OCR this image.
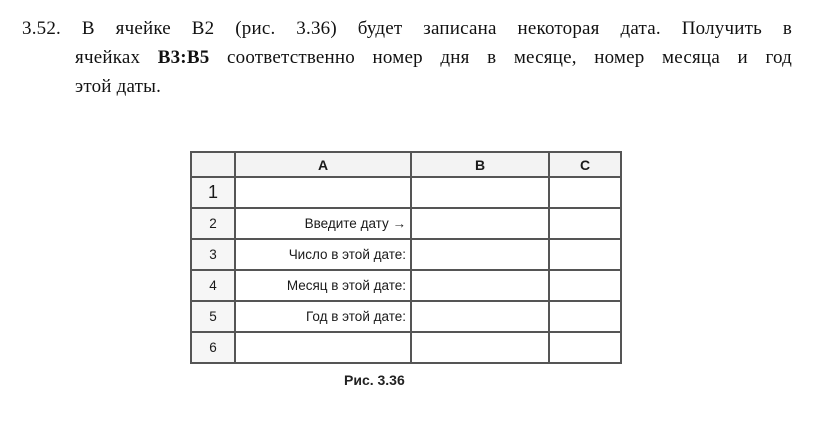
3.52. В ячейке B2 (рис. 3.36) будет записана некоторая дата. Получить в
ячейках B3:B5 соответственно номер дня в месяце, номер месяца и год
этой даты.
	A	B	C
1			
2	Введите дату →		
3	Число в этой дате:		
4	Месяц в этой дате:		
5	Год в этой дате:		
6			
Рис. 3.36
